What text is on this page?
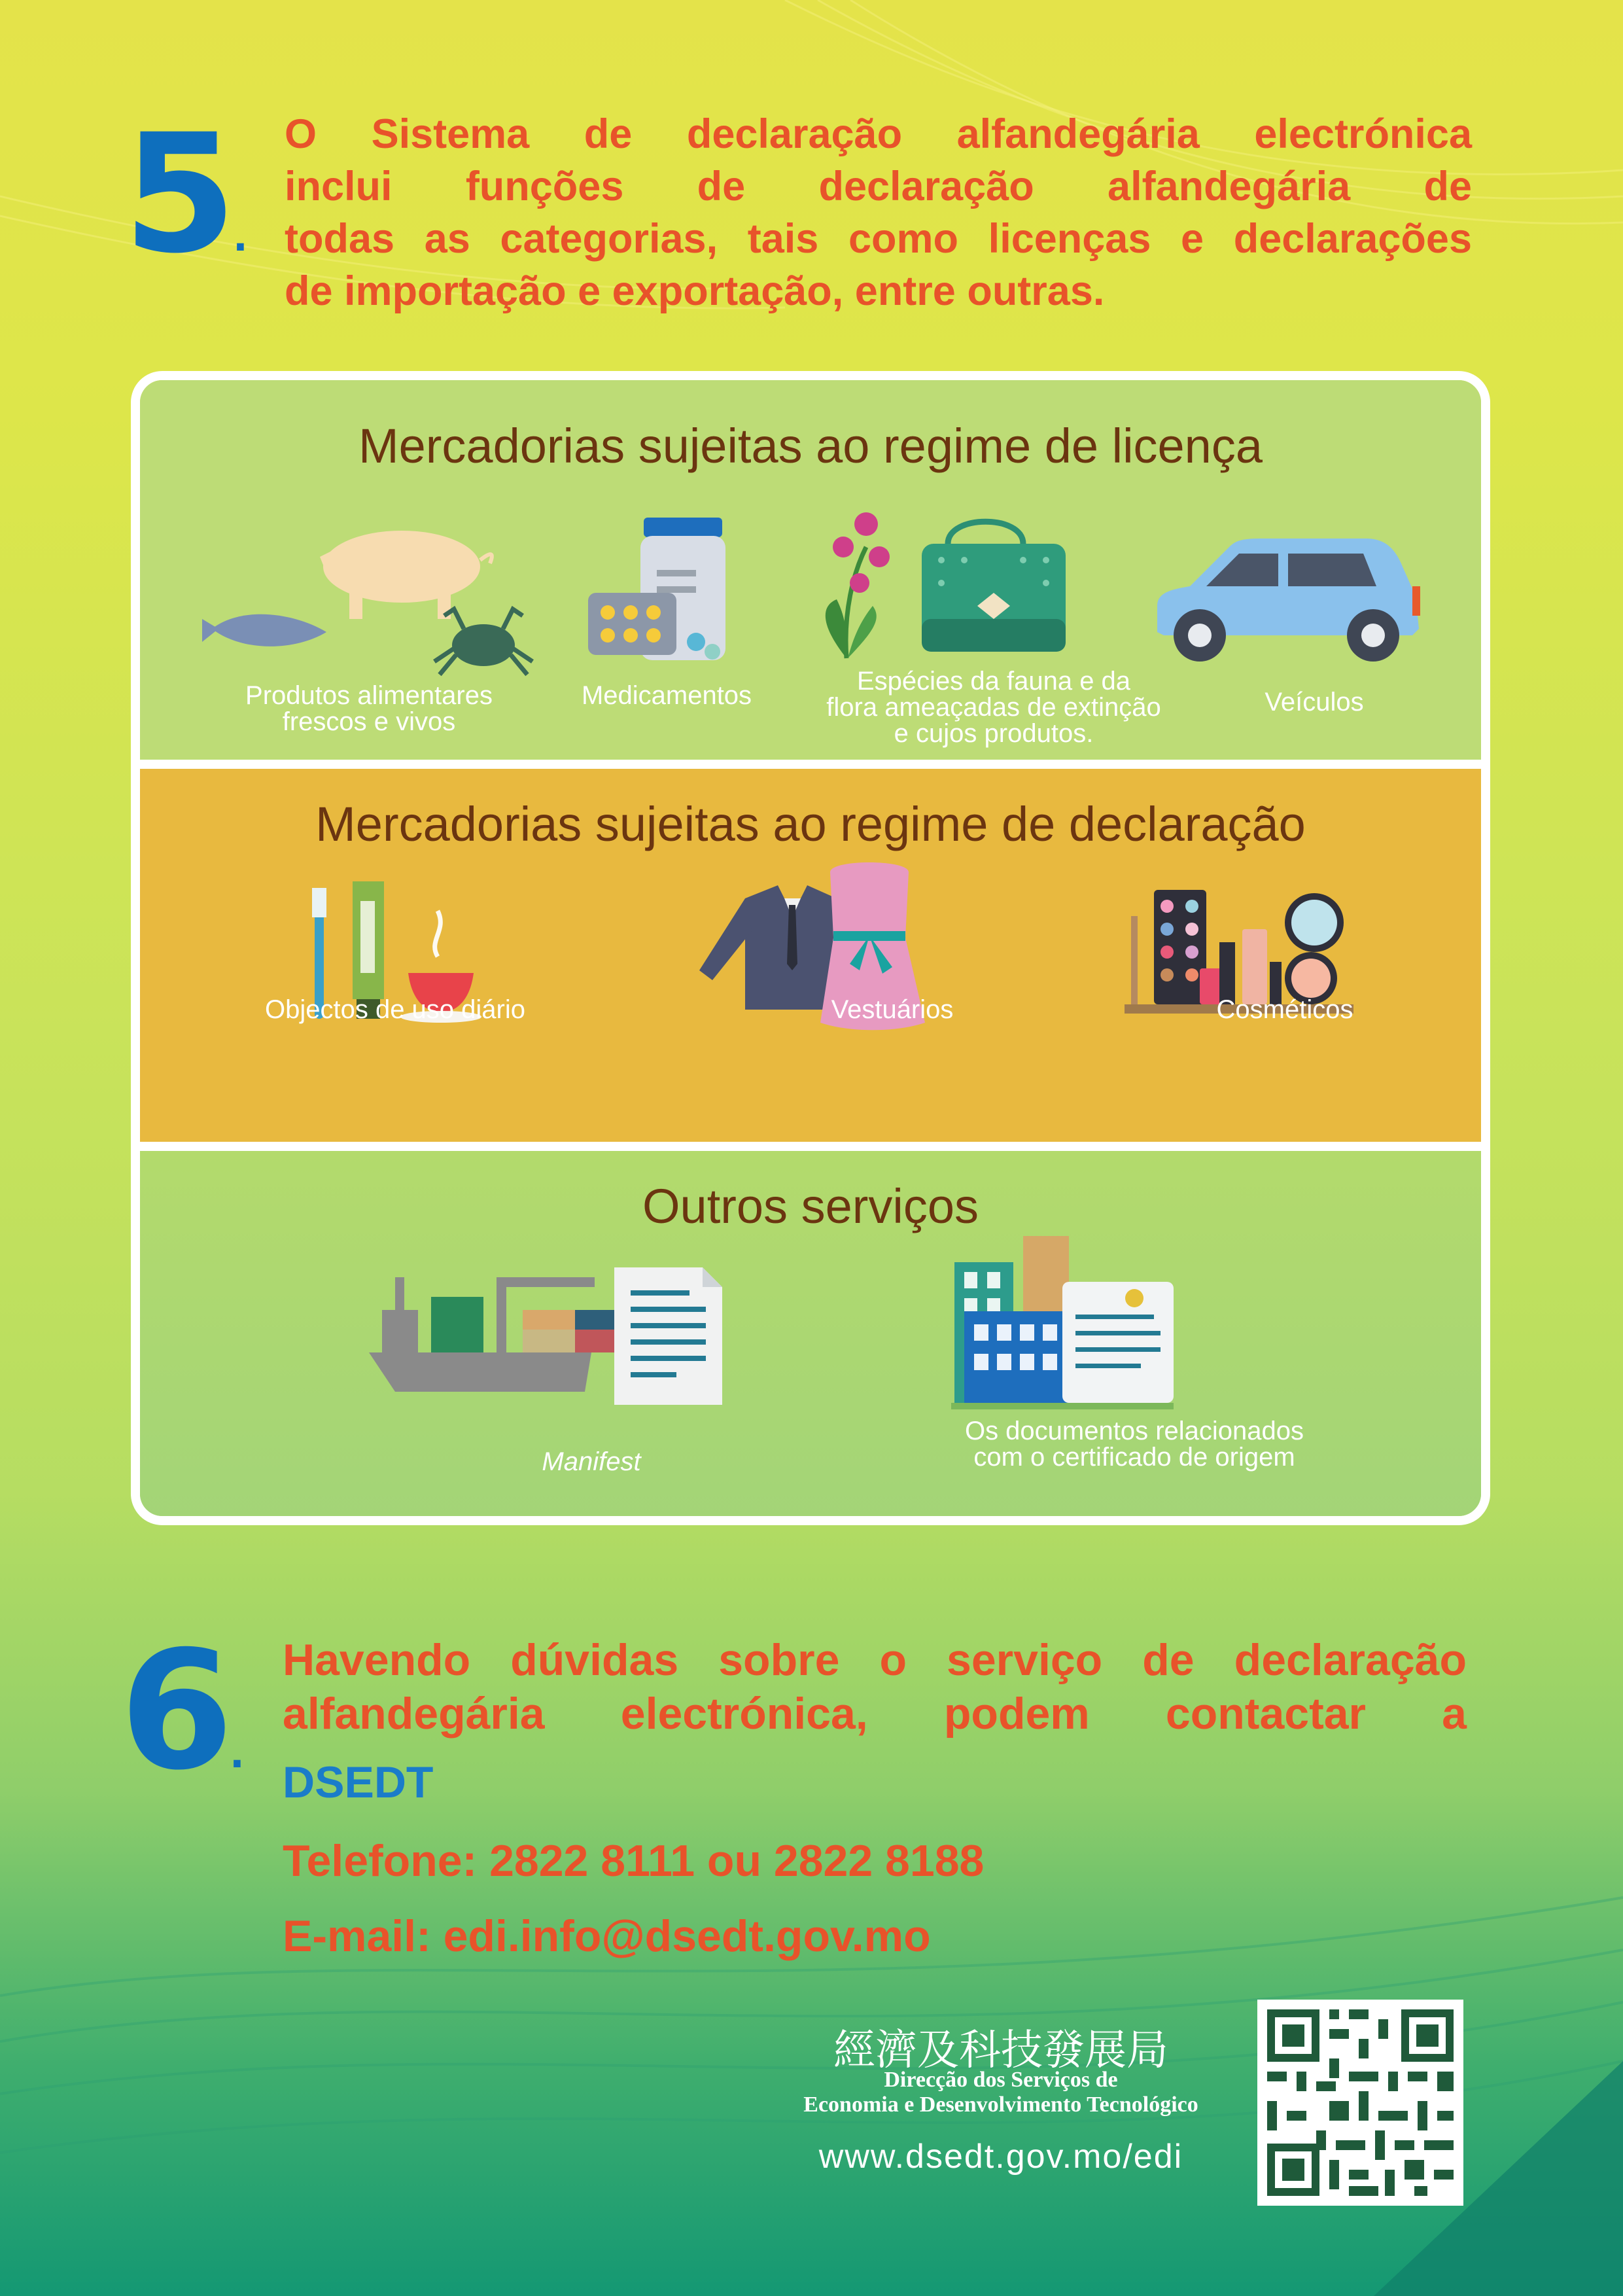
5.

O Sistema de declaração alfandegária electrónica

inclui funções de declaração alfandegária de

todas as categorias, tais como licenças e declarações

de importação e exportação, entre outras.

Mercadorias sujeitas ao regime de licença
Produtos alimentares
frescos e vivos
Medicamentos	Espécies da fauna e da
flora ameaçadas de extinção
e cujos produtos.
Veículos
Mercadorias sujeitas ao regime de declaração
Objectos de uso diário	Vestuários	Cosméticos
Outros serviços
Manifest
Os documentos relacionados
com o certificado de origem
6.
Havendo dúvidas sobre o serviço de declaração
alfandegária electrónica, podem contactar a
DSEDT
Telefone: 2822 8111 ou 2822 8188
E-mail: edi.info@dsedt.gov.mo
經濟及科技發展局
Direcção dos Serviços de
Economia e Desenvolvimento Tecnológico
www.dsedt.gov.mo/edi
